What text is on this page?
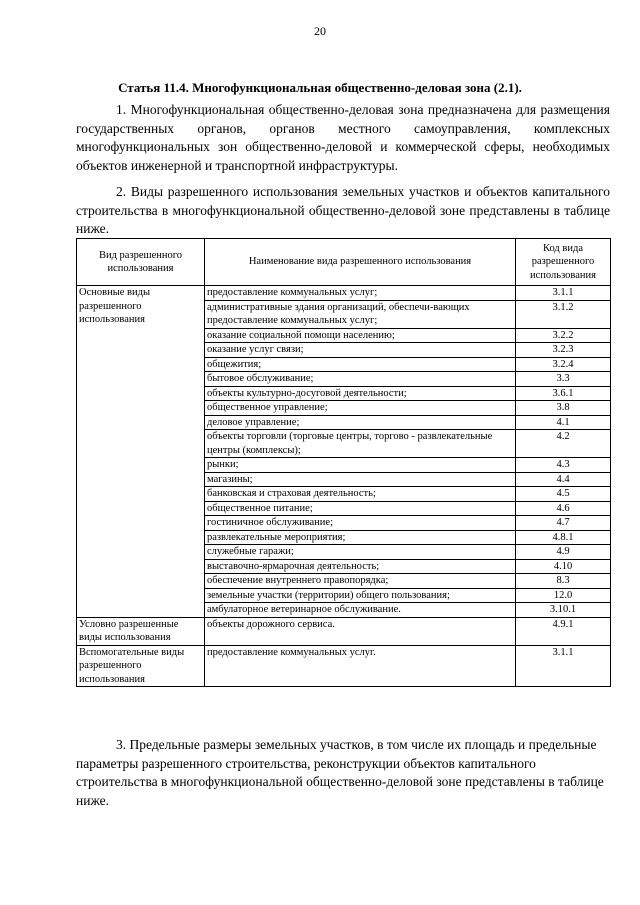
20
Статья 11.4. Многофункциональная общественно-деловая зона (2.1).

1. Многофункциональная общественно-деловая зона предназначена для размещения государственных органов, органов местного самоуправления, комплексных многофункциональных зон общественно-деловой и коммерческой сферы, необходимых объектов инженерной и транспортной инфраструктуры.

2. Виды разрешенного использования земельных участков и объектов капитального строительства в многофункциональной общественно-деловой зоне представлены в таблице ниже.

Вид разрешенного использования	Наименование вида разрешенного использования	Код вида разрешенного использования
Основные виды разрешенного использования	предоставление коммунальных услуг;	3.1.1
	административные здания организаций, обеспечи-вающих предоставление коммунальных услуг;	3.1.2
	оказание социальной помощи населению;	3.2.2
	оказание услуг связи;	3.2.3
	общежития;	3.2.4
	бытовое обслуживание;	3.3
	объекты культурно-досуговой деятельности;	3.6.1
	общественное управление;	3.8
	деловое управление;	4.1
	объекты торговли (торговые центры, торгово - развлекательные центры (комплексы);	4.2
	рынки;	4.3
	магазины;	4.4
	банковская и страховая деятельность;	4.5
	общественное питание;	4.6
	гостиничное обслуживание;	4.7
	развлекательные мероприятия;	4.8.1
	служебные гаражи;	4.9
	выставочно-ярмарочная деятельность;	4.10
	обеспечение внутреннего правопорядка;	8.3
	земельные участки (территории) общего пользования;	12.0
	амбулаторное ветеринарное обслуживание.	3.10.1
Условно разрешенные виды использования	объекты дорожного сервиса.	4.9.1
Вспомогательные виды разрешенного использования	предоставление коммунальных услуг.	3.1.1

3. Предельные размеры земельных участков, в том числе их площадь и предельные параметры разрешенного строительства, реконструкции объектов капитального строительства в многофункциональной общественно-деловой зоне представлены в таблице ниже.
